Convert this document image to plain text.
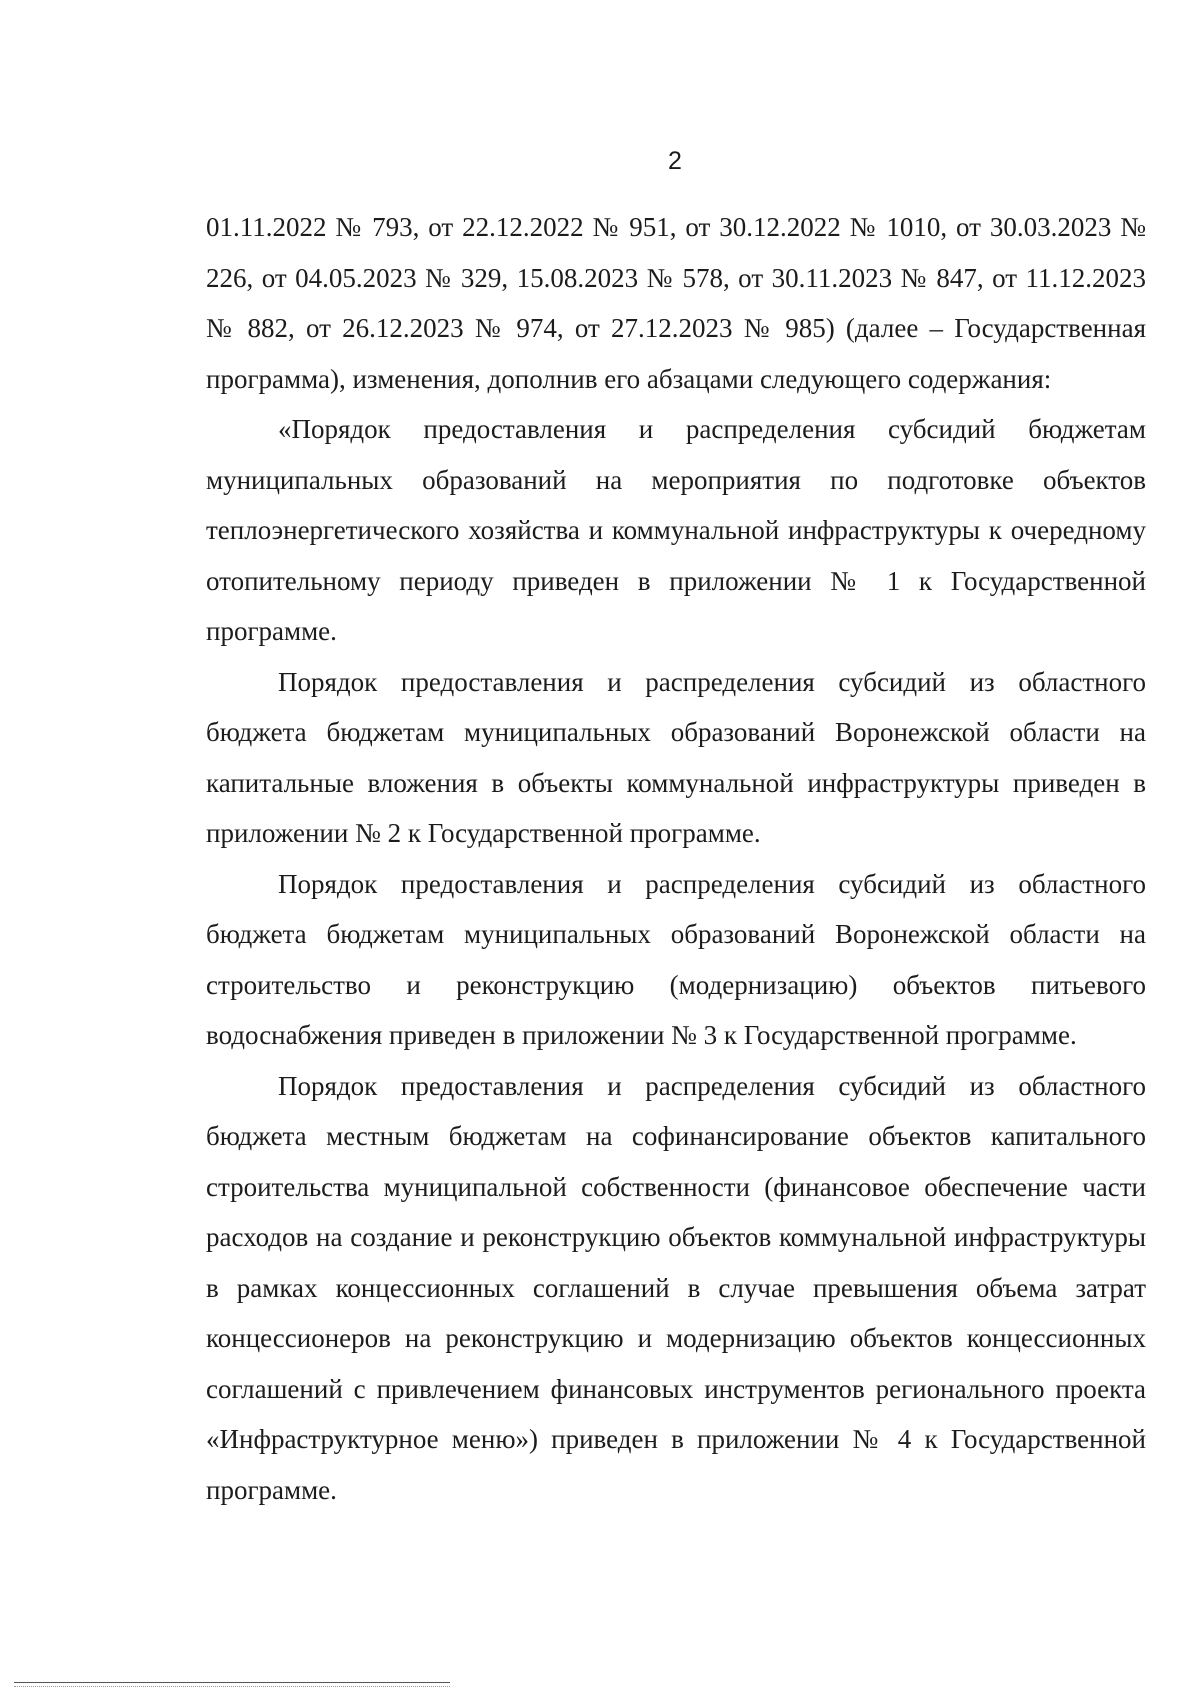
2

01.11.2022 № 793, от 22.12.2022 № 951, от 30.12.2022 № 1010, от 30.03.2023 № 226, от 04.05.2023 № 329, 15.08.2023 № 578, от 30.11.2023 № 847, от 11.12.2023 № 882, от 26.12.2023 № 974, от 27.12.2023 № 985) (далее – Государственная программа), изменения, дополнив его абзацами следующего содержания:

«Порядок предоставления и распределения субсидий бюджетам муниципальных образований на мероприятия по подготовке объектов теплоэнергетического хозяйства и коммунальной инфраструктуры к очередному отопительному периоду приведен в приложении № 1 к Государственной программе.

Порядок предоставления и распределения субсидий из областного бюджета бюджетам муниципальных образований Воронежской области на капитальные вложения в объекты коммунальной инфраструктуры приведен в приложении № 2 к Государственной программе.

Порядок предоставления и распределения субсидий из областного бюджета бюджетам муниципальных образований Воронежской области на строительство и реконструкцию (модернизацию) объектов питьевого водоснабжения приведен в приложении № 3 к Государственной программе.

Порядок предоставления и распределения субсидий из областного бюджета местным бюджетам на софинансирование объектов капитального строительства муниципальной собственности (финансовое обеспечение части расходов на создание и реконструкцию объектов коммунальной инфраструктуры в рамках концессионных соглашений в случае превышения объема затрат концессионеров на реконструкцию и модернизацию объектов концессионных соглашений с привлечением финансовых инструментов регионального проекта «Инфраструктурное меню») приведен в приложении № 4 к Государственной программе.
